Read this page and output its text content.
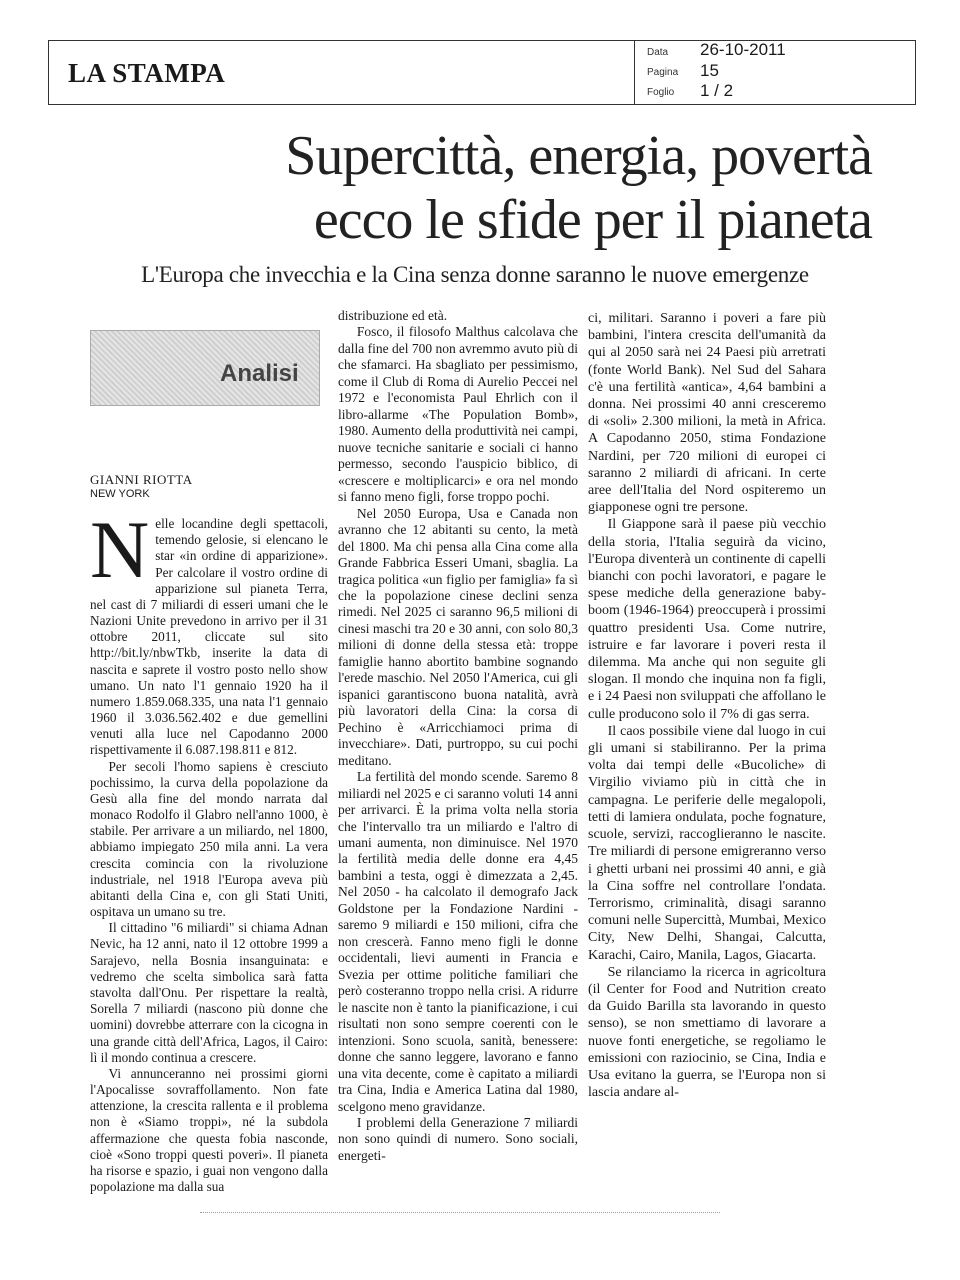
LA STAMPA
Data 26-10-2011
Pagina 15
Foglio 1 / 2
Supercittà, energia, povertà
ecco le sfide per il pianeta
L'Europa che invecchia e la Cina senza donne saranno le nuove emergenze
Analisi
GIANNI RIOTTA
NEW YORK

Nelle locandine degli spettacoli, temendo gelosie, si elencano le star «in ordine di apparizione». Per calcolare il vostro ordine di apparizione sul pianeta Terra, nel cast di 7 miliardi di esseri umani che le Nazioni Unite prevedono in arrivo per il 31 ottobre 2011, cliccate sul sito http://bit.ly/nbwTkb, inserite la data di nascita e saprete il vostro posto nello show umano. Un nato l'1 gennaio 1920 ha il numero 1.859.068.335, una nata l'1 gennaio 1960 il 3.036.562.402 e due gemellini venuti alla luce nel Capodanno 2000 rispettivamente il 6.087.198.811 e 812.

Per secoli l'homo sapiens è cresciuto pochissimo, la curva della popolazione da Gesù alla fine del mondo narrata dal monaco Rodolfo il Glabro nell'anno 1000, è stabile. Per arrivare a un miliardo, nel 1800, abbiamo impiegato 250 mila anni. La vera crescita comincia con la rivoluzione industriale, nel 1918 l'Europa aveva più abitanti della Cina e, con gli Stati Uniti, ospitava un umano su tre.

Il cittadino "6 miliardi" si chiama Adnan Nevic, ha 12 anni, nato il 12 ottobre 1999 a Sarajevo, nella Bosnia insanguinata: e vedremo che scelta simbolica sarà fatta stavolta dall'Onu. Per rispettare la realtà, Sorella 7 miliardi (nascono più donne che uomini) dovrebbe atterrare con la cicogna in una grande città dell'Africa, Lagos, il Cairo: lì il mondo continua a crescere.

Vi annunceranno nei prossimi giorni l'Apocalisse sovraffollamento. Non fate attenzione, la crescita rallenta e il problema non è «Siamo troppi», né la subdola affermazione che questa fobia nasconde, cioè «Sono troppi questi poveri». Il pianeta ha risorse e spazio, i guai non vengono dalla popolazione ma dalla sua

distribuzione ed età.

Fosco, il filosofo Malthus calcolava che dalla fine del 700 non avremmo avuto più di che sfamarci. Ha sbagliato per pessimismo, come il Club di Roma di Aurelio Peccei nel 1972 e l'economista Paul Ehrlich con il libro-allarme «The Population Bomb», 1980. Aumento della produttività nei campi, nuove tecniche sanitarie e sociali ci hanno permesso, secondo l'auspicio biblico, di «crescere e moltiplicarci» e ora nel mondo si fanno meno figli, forse troppo pochi.

Nel 2050 Europa, Usa e Canada non avranno che 12 abitanti su cento, la metà del 1800. Ma chi pensa alla Cina come alla Grande Fabbrica Esseri Umani, sbaglia. La tragica politica «un figlio per famiglia» fa sì che la popolazione cinese declini senza rimedi. Nel 2025 ci saranno 96,5 milioni di cinesi maschi tra 20 e 30 anni, con solo 80,3 milioni di donne della stessa età: troppe famiglie hanno abortito bambine sognando l'erede maschio. Nel 2050 l'America, cui gli ispanici garantiscono buona natalità, avrà più lavoratori della Cina: la corsa di Pechino è «Arricchiamoci prima di invecchiare». Dati, purtroppo, su cui pochi meditano.

La fertilità del mondo scende. Saremo 8 miliardi nel 2025 e ci saranno voluti 14 anni per arrivarci. È la prima volta nella storia che l'intervallo tra un miliardo e l'altro di umani aumenta, non diminuisce. Nel 1970 la fertilità media delle donne era 4,45 bambini a testa, oggi è dimezzata a 2,45. Nel 2050 - ha calcolato il demografo Jack Goldstone per la Fondazione Nardini - saremo 9 miliardi e 150 milioni, cifra che non crescerà. Fanno meno figli le donne occidentali, lievi aumenti in Francia e Svezia per ottime politiche familiari che però costeranno troppo nella crisi. A ridurre le nascite non è tanto la pianificazione, i cui risultati non sono sempre coerenti con le intenzioni. Sono scuola, sanità, benessere: donne che sanno leggere, lavorano e fanno una vita decente, come è capitato a miliardi tra Cina, India e America Latina dal 1980, scelgono meno gravidanze.

I problemi della Generazione 7 miliardi non sono quindi di numero. Sono sociali, energeti-

ci, militari. Saranno i poveri a fare più bambini, l'intera crescita dell'umanità da qui al 2050 sarà nei 24 Paesi più arretrati (fonte World Bank). Nel Sud del Sahara c'è una fertilità «antica», 4,64 bambini a donna. Nei prossimi 40 anni cresceremo di «soli» 2.300 milioni, la metà in Africa. A Capodanno 2050, stima Fondazione Nardini, per 720 milioni di europei ci saranno 2 miliardi di africani. In certe aree dell'Italia del Nord ospiteremo un giapponese ogni tre persone.

Il Giappone sarà il paese più vecchio della storia, l'Italia seguirà da vicino, l'Europa diventerà un continente di capelli bianchi con pochi lavoratori, e pagare le spese mediche della generazione baby-boom (1946-1964) preoccuperà i prossimi quattro presidenti Usa. Come nutrire, istruire e far lavorare i poveri resta il dilemma. Ma anche qui non seguite gli slogan. Il mondo che inquina non fa figli, e i 24 Paesi non sviluppati che affollano le culle producono solo il 7% di gas serra.

Il caos possibile viene dal luogo in cui gli umani si stabiliranno. Per la prima volta dai tempi delle «Bucoliche» di Virgilio viviamo più in città che in campagna. Le periferie delle megalopoli, tetti di lamiera ondulata, poche fognature, scuole, servizi, raccoglieranno le nascite. Tre miliardi di persone emigreranno verso i ghetti urbani nei prossimi 40 anni, e già la Cina soffre nel controllare l'ondata. Terrorismo, criminalità, disagi saranno comuni nelle Supercittà, Mumbai, Mexico City, New Delhi, Shangai, Calcutta, Karachi, Cairo, Manila, Lagos, Giacarta.

Se rilanciamo la ricerca in agricoltura (il Center for Food and Nutrition creato da Guido Barilla sta lavorando in questo senso), se non smettiamo di lavorare a nuove fonti energetiche, se regoliamo le emissioni con raziocinio, se Cina, India e Usa evitano la guerra, se l'Europa non si lascia andare al-
